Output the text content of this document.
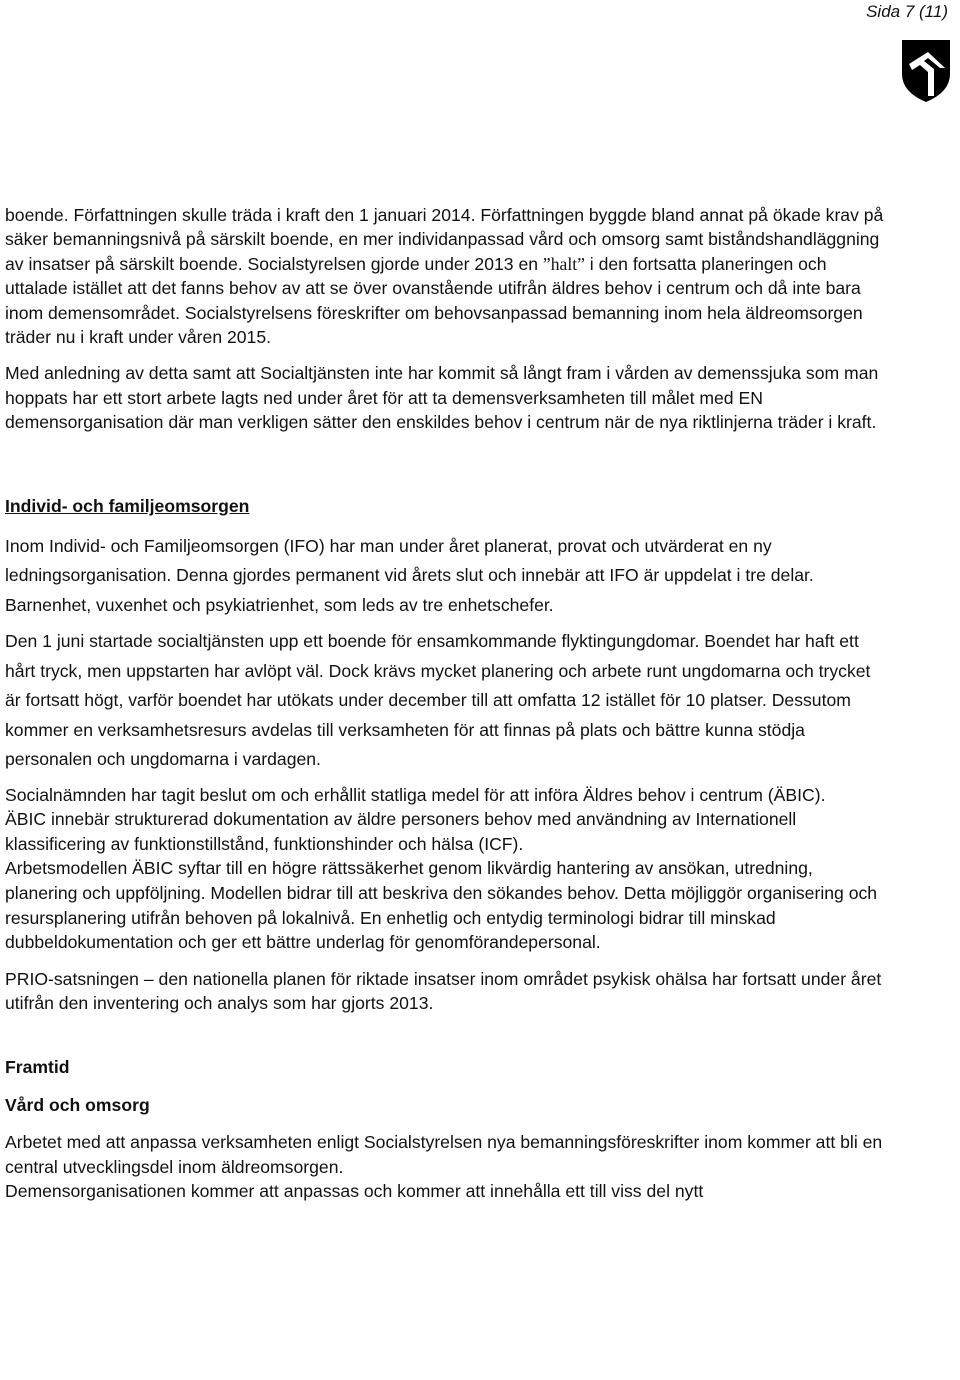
Sida 7 (11)

boende. Författningen skulle träda i kraft den 1 januari 2014. Författningen byggde bland annat på ökade krav på säker bemanningsnivå på särskilt boende, en mer individanpassad vård och omsorg samt biståndshandläggning av insatser på särskilt boende. Socialstyrelsen gjorde under 2013 en ”halt” i den fortsatta planeringen och uttalade istället att det fanns behov av att se över ovanstående utifrån äldres behov i centrum och då inte bara inom demensområdet. Socialstyrelsens föreskrifter om behovsanpassad bemanning inom hela äldreomsorgen träder nu i kraft under våren 2015.

Med anledning av detta samt att Socialtjänsten inte har kommit så långt fram i vården av demenssjuka som man hoppats har ett stort arbete lagts ned under året för att ta demensverksamheten till målet med EN demensorganisation där man verkligen sätter den enskildes behov i centrum när de nya riktlinjerna träder i kraft.

Individ- och familjeomsorgen

Inom Individ- och Familjeomsorgen (IFO) har man under året planerat, provat och utvärderat en ny ledningsorganisation. Denna gjordes permanent vid årets slut och innebär att IFO är uppdelat i tre delar. Barnenhet, vuxenhet och psykiatrienhet, som leds av tre enhetschefer.

Den 1 juni startade socialtjänsten upp ett boende för ensamkommande flyktingungdomar. Boendet har haft ett hårt tryck, men uppstarten har avlöpt väl. Dock krävs mycket planering och arbete runt ungdomarna och trycket är fortsatt högt, varför boendet har utökats under december till att omfatta 12 istället för 10 platser. Dessutom kommer en verksamhetsresurs avdelas till verksamheten för att finnas på plats och bättre kunna stödja personalen och ungdomarna i vardagen.

Socialnämnden har tagit beslut om och erhållit statliga medel för att införa Äldres behov i centrum (ÄBIC).

ÄBIC innebär strukturerad dokumentation av äldre personers behov med användning av Internationell klassificering av funktionstillstånd, funktionshinder och hälsa (ICF).

Arbetsmodellen ÄBIC syftar till en högre rättssäkerhet genom likvärdig hantering av ansökan, utredning, planering och uppföljning. Modellen bidrar till att beskriva den sökandes behov. Detta möjliggör organisering och resursplanering utifrån behoven på lokalnivå. En enhetlig och entydig terminologi bidrar till minskad dubbeldokumentation och ger ett bättre underlag för genomförandepersonal.

PRIO-satsningen – den nationella planen för riktade insatser inom området psykisk ohälsa har fortsatt under året utifrån den inventering och analys som har gjorts 2013.

Framtid
Vård och omsorg

Arbetet med att anpassa verksamheten enligt Socialstyrelsen nya bemanningsföreskrifter inom kommer att bli en central utvecklingsdel inom äldreomsorgen.

Demensorganisationen kommer att anpassas och kommer att innehålla ett till viss del nytt
